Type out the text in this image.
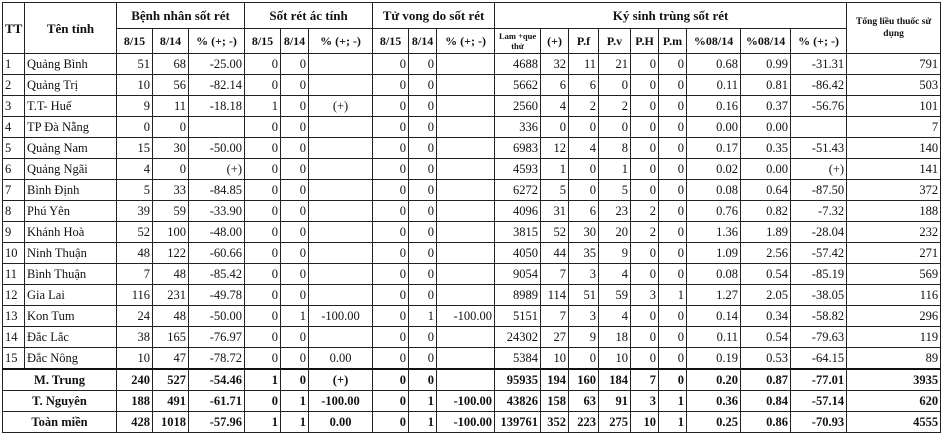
TT	Tên tỉnh	Bệnh nhân sốt rét			Sốt rét ác tính			Tử vong do sốt rét			Ký sinh trùng sốt rét									Tổng liều thuốc sử dụng
		8/15	8/14	% (+; -)	8/15	8/14	% (+; -)	8/15	8/14	% (+; -)	Lam +que thử	(+)	P.f	P.v	P.H	P.m	%08/14	%08/14	% (+; -)	
1	Quảng Bình	51	68	-25.00	0	0		0	0		4688	32	11	21	0	0	0.68	0.99	-31.31	791
2	Quảng Trị	10	56	-82.14	0	0		0	0		5662	6	6	0	0	0	0.11	0.81	-86.42	503
3	T.T- Huế	9	11	-18.18	1	0	(+)	0	0		2560	4	2	2	0	0	0.16	0.37	-56.76	101
4	TP Đà Nẵng	0	0		0	0		0	0		336	0	0	0	0	0	0.00	0.00		7
5	Quảng Nam	15	30	-50.00	0	0		0	0		6983	12	4	8	0	0	0.17	0.35	-51.43	140
6	Quảng Ngãi	4	0	(+)	0	0		0	0		4593	1	0	1	0	0	0.02	0.00	(+)	141
7	Bình Định	5	33	-84.85	0	0		0	0		6272	5	0	5	0	0	0.08	0.64	-87.50	372
8	Phú Yên	39	59	-33.90	0	0		0	0		4096	31	6	23	2	0	0.76	0.82	-7.32	188
9	Khánh Hoà	52	100	-48.00	0	0		0	0		3815	52	30	20	2	0	1.36	1.89	-28.04	232
10	Ninh Thuận	48	122	-60.66	0	0		0	0		4050	44	35	9	0	0	1.09	2.56	-57.42	271
11	Bình Thuận	7	48	-85.42	0	0		0	0		9054	7	3	4	0	0	0.08	0.54	-85.19	569
12	Gia Lai	116	231	-49.78	0	0		0	0		8989	114	51	59	3	1	1.27	2.05	-38.05	116
13	Kon Tum	24	48	-50.00	0	1	-100.00	0	1	-100.00	5151	7	3	4	0	0	0.14	0.34	-58.82	296
14	Đắc Lắc	38	165	-76.97	0	0		0	0		24302	27	9	18	0	0	0.11	0.54	-79.63	119
15	Đắc Nông	10	47	-78.72	0	0	0.00	0	0		5384	10	0	10	0	0	0.19	0.53	-64.15	89
M. Trung		240	527	-54.46	1	0	(+)	0	0		95935	194	160	184	7	0	0.20	0.87	-77.01	3935
T. Nguyên		188	491	-61.71	0	1	-100.00	0	1	-100.00	43826	158	63	91	3	1	0.36	0.84	-57.14	620
Toàn miền		428	1018	-57.96	1	1	0.00	0	1	-100.00	139761	352	223	275	10	1	0.25	0.86	-70.93	4555
